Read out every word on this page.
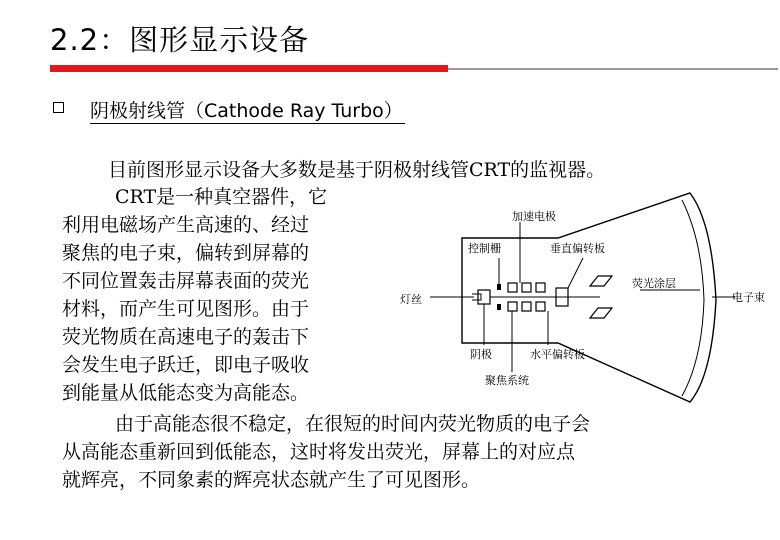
2.2：图形显示设备
阴极射线管（Cathode Ray Turbo）
目前图形显示设备大多数是基于阴极射线管CRT的监视器。
CRT是一种真空器件，它
利用电磁场产生高速的、经过
聚焦的电子束，偏转到屏幕的
不同位置轰击屏幕表面的荧光
材料，而产生可见图形。由于
荧光物质在高速电子的轰击下
会发生电子跃迁，即电子吸收
到能量从低能态变为高能态。
由于高能态很不稳定，在很短的时间内荧光物质的电子会
从高能态重新回到低能态，这时将发出荧光，屏幕上的对应点
就辉亮，不同象素的辉亮状态就产生了可见图形。
加速电极
控制栅	垂直偏转板
荧光涂层
灯丝	电子束
阴极	水平偏转板
聚焦系统
